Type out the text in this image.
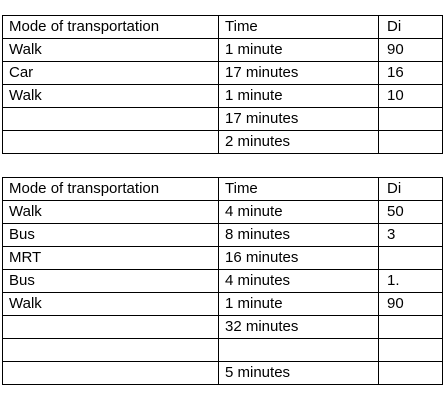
Mode of transportation	Time	Di
Walk	1 minute	90
Car	17 minutes	16
Walk	1 minute	10
	17 minutes	
	2 minutes	
Mode of transportation	Time	Di
Walk	4 minute	50
Bus	8 minutes	3
MRT	16 minutes	
Bus	4 minutes	1.
Walk	1 minute	90
	32 minutes	

	5 minutes	
